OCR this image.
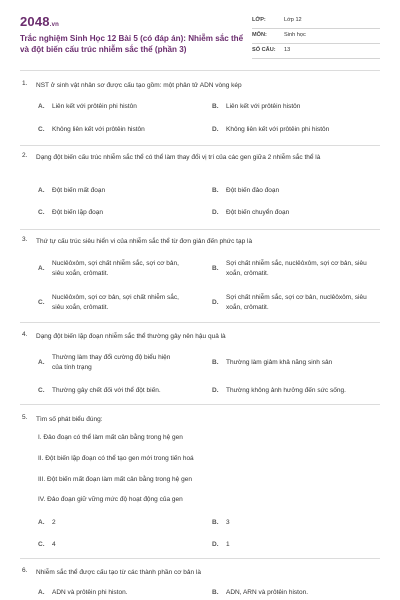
2048.vn
Trắc nghiệm Sinh Học 12 Bài 5 (có đáp án): Nhiễm sắc thể và đột biến cấu trúc nhiễm sắc thể (phần 3)
LỚP:	Lớp 12
MÔN:	Sinh học
SỐ CÂU: 13
1. NST ở sinh vật nhân sơ được cấu tạo gồm: một phân tử ADN vòng kép
A. Liên kết với prôtêin phi histôn	B. Liên kết với prôtêin histôn
C. Không liên kết với prôtêin histôn	D. Không liên kết với prôtêin phi histôn
2. Dạng đột biến cấu trúc nhiễm sắc thể có thể làm thay đổi vị trí của các gen giữa 2 nhiễm sắc thể là
A. Đột biến mất đoạn	B. Đột biến đảo đoạn
C. Đột biến lặp đoạn	D. Đột biến chuyển đoạn
3. Thứ tự cấu trúc siêu hiển vi của nhiễm sắc thể từ đơn giản đến phức tạp là
A.
Nuclêôxôm, sợi chất nhiễm sắc, sợi cơ bản, siêu xoắn, crômatit.
B.
Sợi chất nhiễm sắc, nuclêôxôm, sợi cơ bản, siêu xoắn, crômatit.
C.
Nuclêôxôm, sợi cơ bản, sợi chất nhiễm sắc, siêu xoắn, crômatit.
D.
Sợi chất nhiễm sắc, sợi cơ bản, nuclêôxôm, siêu xoắn, crômatit.
4. Dạng đột biến lặp đoạn nhiễm sắc thể thường gây nên hậu quả là
A.
Thường làm thay đổi cường độ biểu hiện của tính trạng
B. Thường làm giảm khả năng sinh sản
C. Thường gây chết đối với thể đột biến.	D. Thường không ảnh hưởng đến sức sống.
5. Tìm số phát biểu đúng:
I. Đảo đoạn có thể làm mất cân bằng trong hệ gen
II. Đột biến lặp đoạn có thể tạo gen mới trong tiến hoá
III. Đột biến mất đoạn làm mất cân bằng trong hệ gen
IV. Đảo đoạn giữ vững mức độ hoạt động của gen
A. 2	B. 3
C. 4	D. 1
6. Nhiễm sắc thể được cấu tạo từ các thành phần cơ bản là
A. ADN và prôtêin phi histon.	B. ADN, ARN và prôtêin histon.
